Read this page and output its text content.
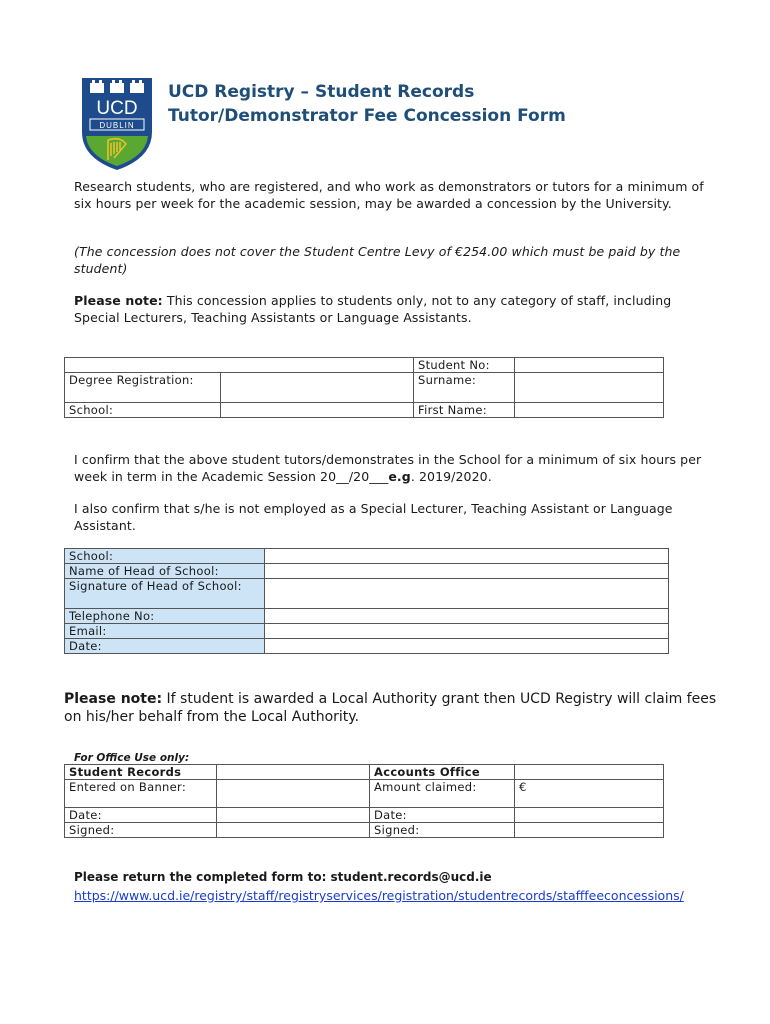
UCD
DUBLIN
UCD Registry – Student Records
Tutor/Demonstrator Fee Concession Form
Research students, who are registered, and who work as demonstrators or tutors for a minimum of six hours per week for the academic session, may be awarded a concession by the University.
(The concession does not cover the Student Centre Levy of €254.00 which must be paid by the student)
Please note: This concession applies to students only, not to any category of staff, including Special Lecturers, Teaching Assistants or Language Assistants.
		Student No:	
Degree Registration:		Surname:	
School:		First Name:	
I confirm that the above student tutors/demonstrates in the School for a minimum of six hours per week in term in the Academic Session 20__/20___e.g. 2019/2020.
I also confirm that s/he is not employed as a Special Lecturer, Teaching Assistant or Language Assistant.
School:	
Name of Head of School:	
Signature of Head of School:	
Telephone No:	
Email:	
Date:	
Please note: If student is awarded a Local Authority grant then UCD Registry will claim fees on his/her behalf from the Local Authority.
For Office Use only:
Student Records		Accounts Office	
Entered on Banner:		Amount claimed:	€
Date:		Date:	
Signed:		Signed:	
Please return the completed form to: student.records@ucd.ie
https://www.ucd.ie/registry/staff/registryservices/registration/studentrecords/stafffeeconcessions/
